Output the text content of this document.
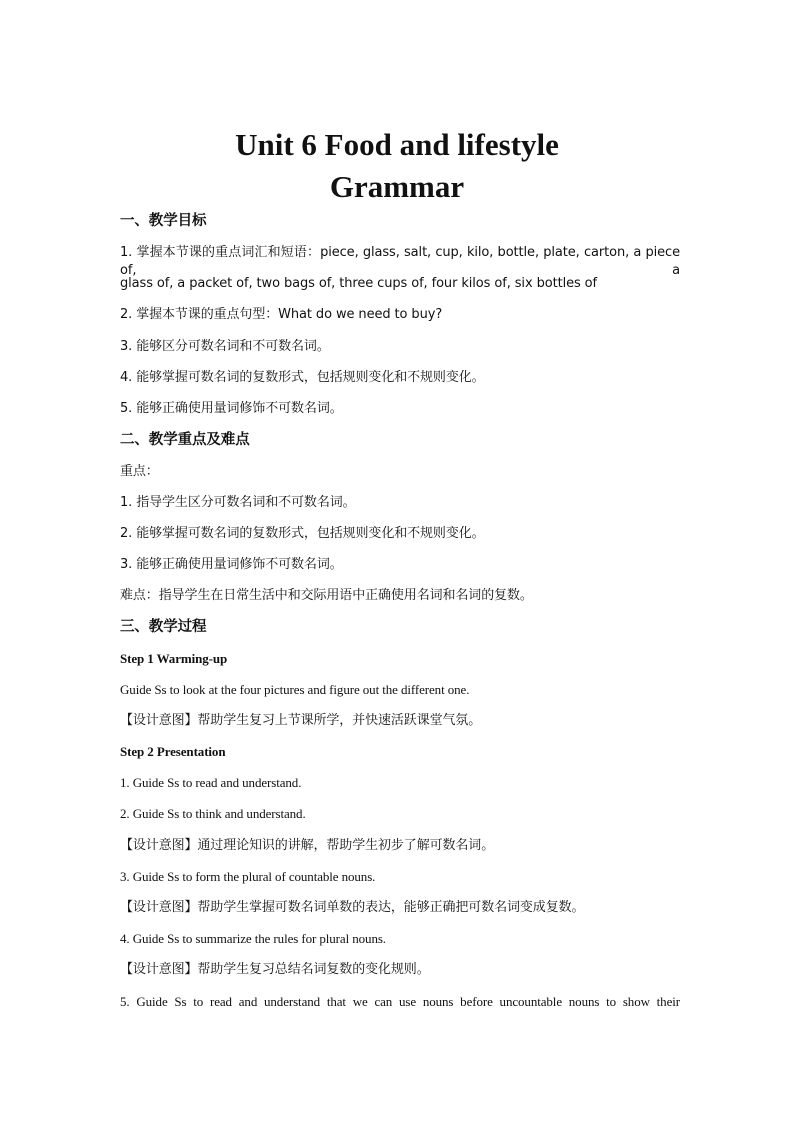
Unit 6 Food and lifestyle
Grammar
一、教学目标
1. 掌握本节课的重点词汇和短语：piece, glass, salt, cup, kilo, bottle, plate, carton, a piece of, a
glass of, a packet of, two bags of, three cups of, four kilos of, six bottles of
2. 掌握本节课的重点句型：What do we need to buy?
3. 能够区分可数名词和不可数名词。
4. 能够掌握可数名词的复数形式，包括规则变化和不规则变化。
5. 能够正确使用量词修饰不可数名词。
二、教学重点及难点
重点：
1. 指导学生区分可数名词和不可数名词。
2. 能够掌握可数名词的复数形式，包括规则变化和不规则变化。
3. 能够正确使用量词修饰不可数名词。
难点：指导学生在日常生活中和交际用语中正确使用名词和名词的复数。
三、教学过程
Step 1 Warming-up
Guide Ss to look at the four pictures and figure out the different one.
【设计意图】帮助学生复习上节课所学，并快速活跃课堂气氛。
Step 2 Presentation
1. Guide Ss to read and understand.
2. Guide Ss to think and understand.
【设计意图】通过理论知识的讲解，帮助学生初步了解可数名词。
3. Guide Ss to form the plural of countable nouns.
【设计意图】帮助学生掌握可数名词单数的表达，能够正确把可数名词变成复数。
4. Guide Ss to summarize the rules for plural nouns.
【设计意图】帮助学生复习总结名词复数的变化规则。
5. Guide Ss to read and understand that we can use nouns before uncountable nouns to show their
